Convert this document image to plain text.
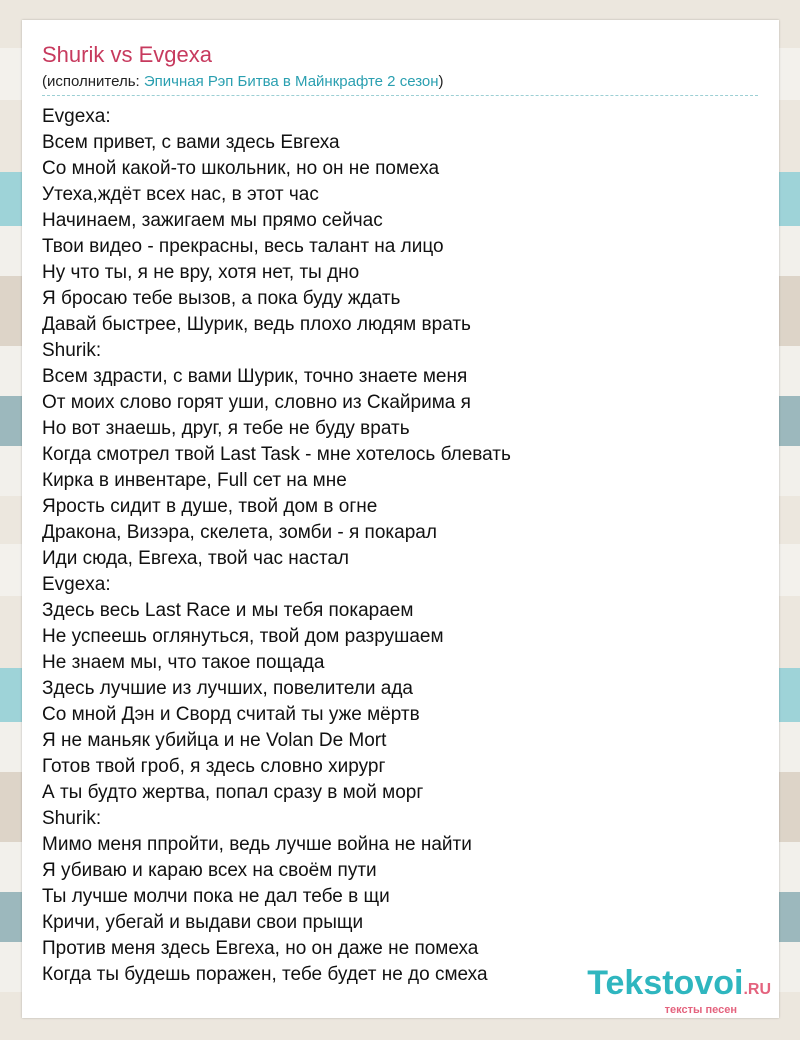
Shurik vs Evgexa
(исполнитель: Эпичная Рэп Битва в Майнкрафте 2 сезон)
Evgexa:
Всем привет, с вами здесь Евгеха
Со мной какой-то школьник, но он не помеха
Утеха,ждёт всех нас, в этот час
Начинаем, зажигаем мы прямо сейчас
Твои видео - прекрасны, весь талант на лицо
Ну что ты, я не вру, хотя нет, ты дно
Я бросаю тебе вызов, а пока буду ждать
Давай быстрее, Шурик, ведь плохо людям врать
Shurik:
Всем здрасти, с вами Шурик, точно знаете меня
От моих слово горят уши, словно из Скайрима я
Но вот знаешь, друг, я тебе не буду врать
Когда смотрел твой Last Task - мне хотелось блевать
Кирка в инвентаре, Full сет на мне
Ярость сидит в душе, твой дом в огне
Дракона, Визэра, скелета, зомби - я покарал
Иди сюда, Евгеха, твой час настал
Evgexa:
Здесь весь Last Race и мы тебя покараем
Не успеешь оглянуться, твой дом разрушаем
Не знаем мы, что такое пощада
Здесь лучшие из лучших, повелители ада
Со мной Дэн и Сворд считай ты уже мёртв
Я не маньяк убийца и не Volan De Mort
Готов твой гроб, я здесь словно хирург
А ты будто жертва, попал сразу в мой морг
Shurik:
Мимо меня ппройти, ведь лучше война не найти
Я убиваю и караю всех на своём пути
Ты лучше молчи пока не дал тебе в щи
Кричи, убегай и выдави свои прыщи
Против меня здесь Евгеха, но он даже не помеха
Когда ты будешь поражен, тебе будет не до смеха	Tekstovoi.RU
тексты песен
